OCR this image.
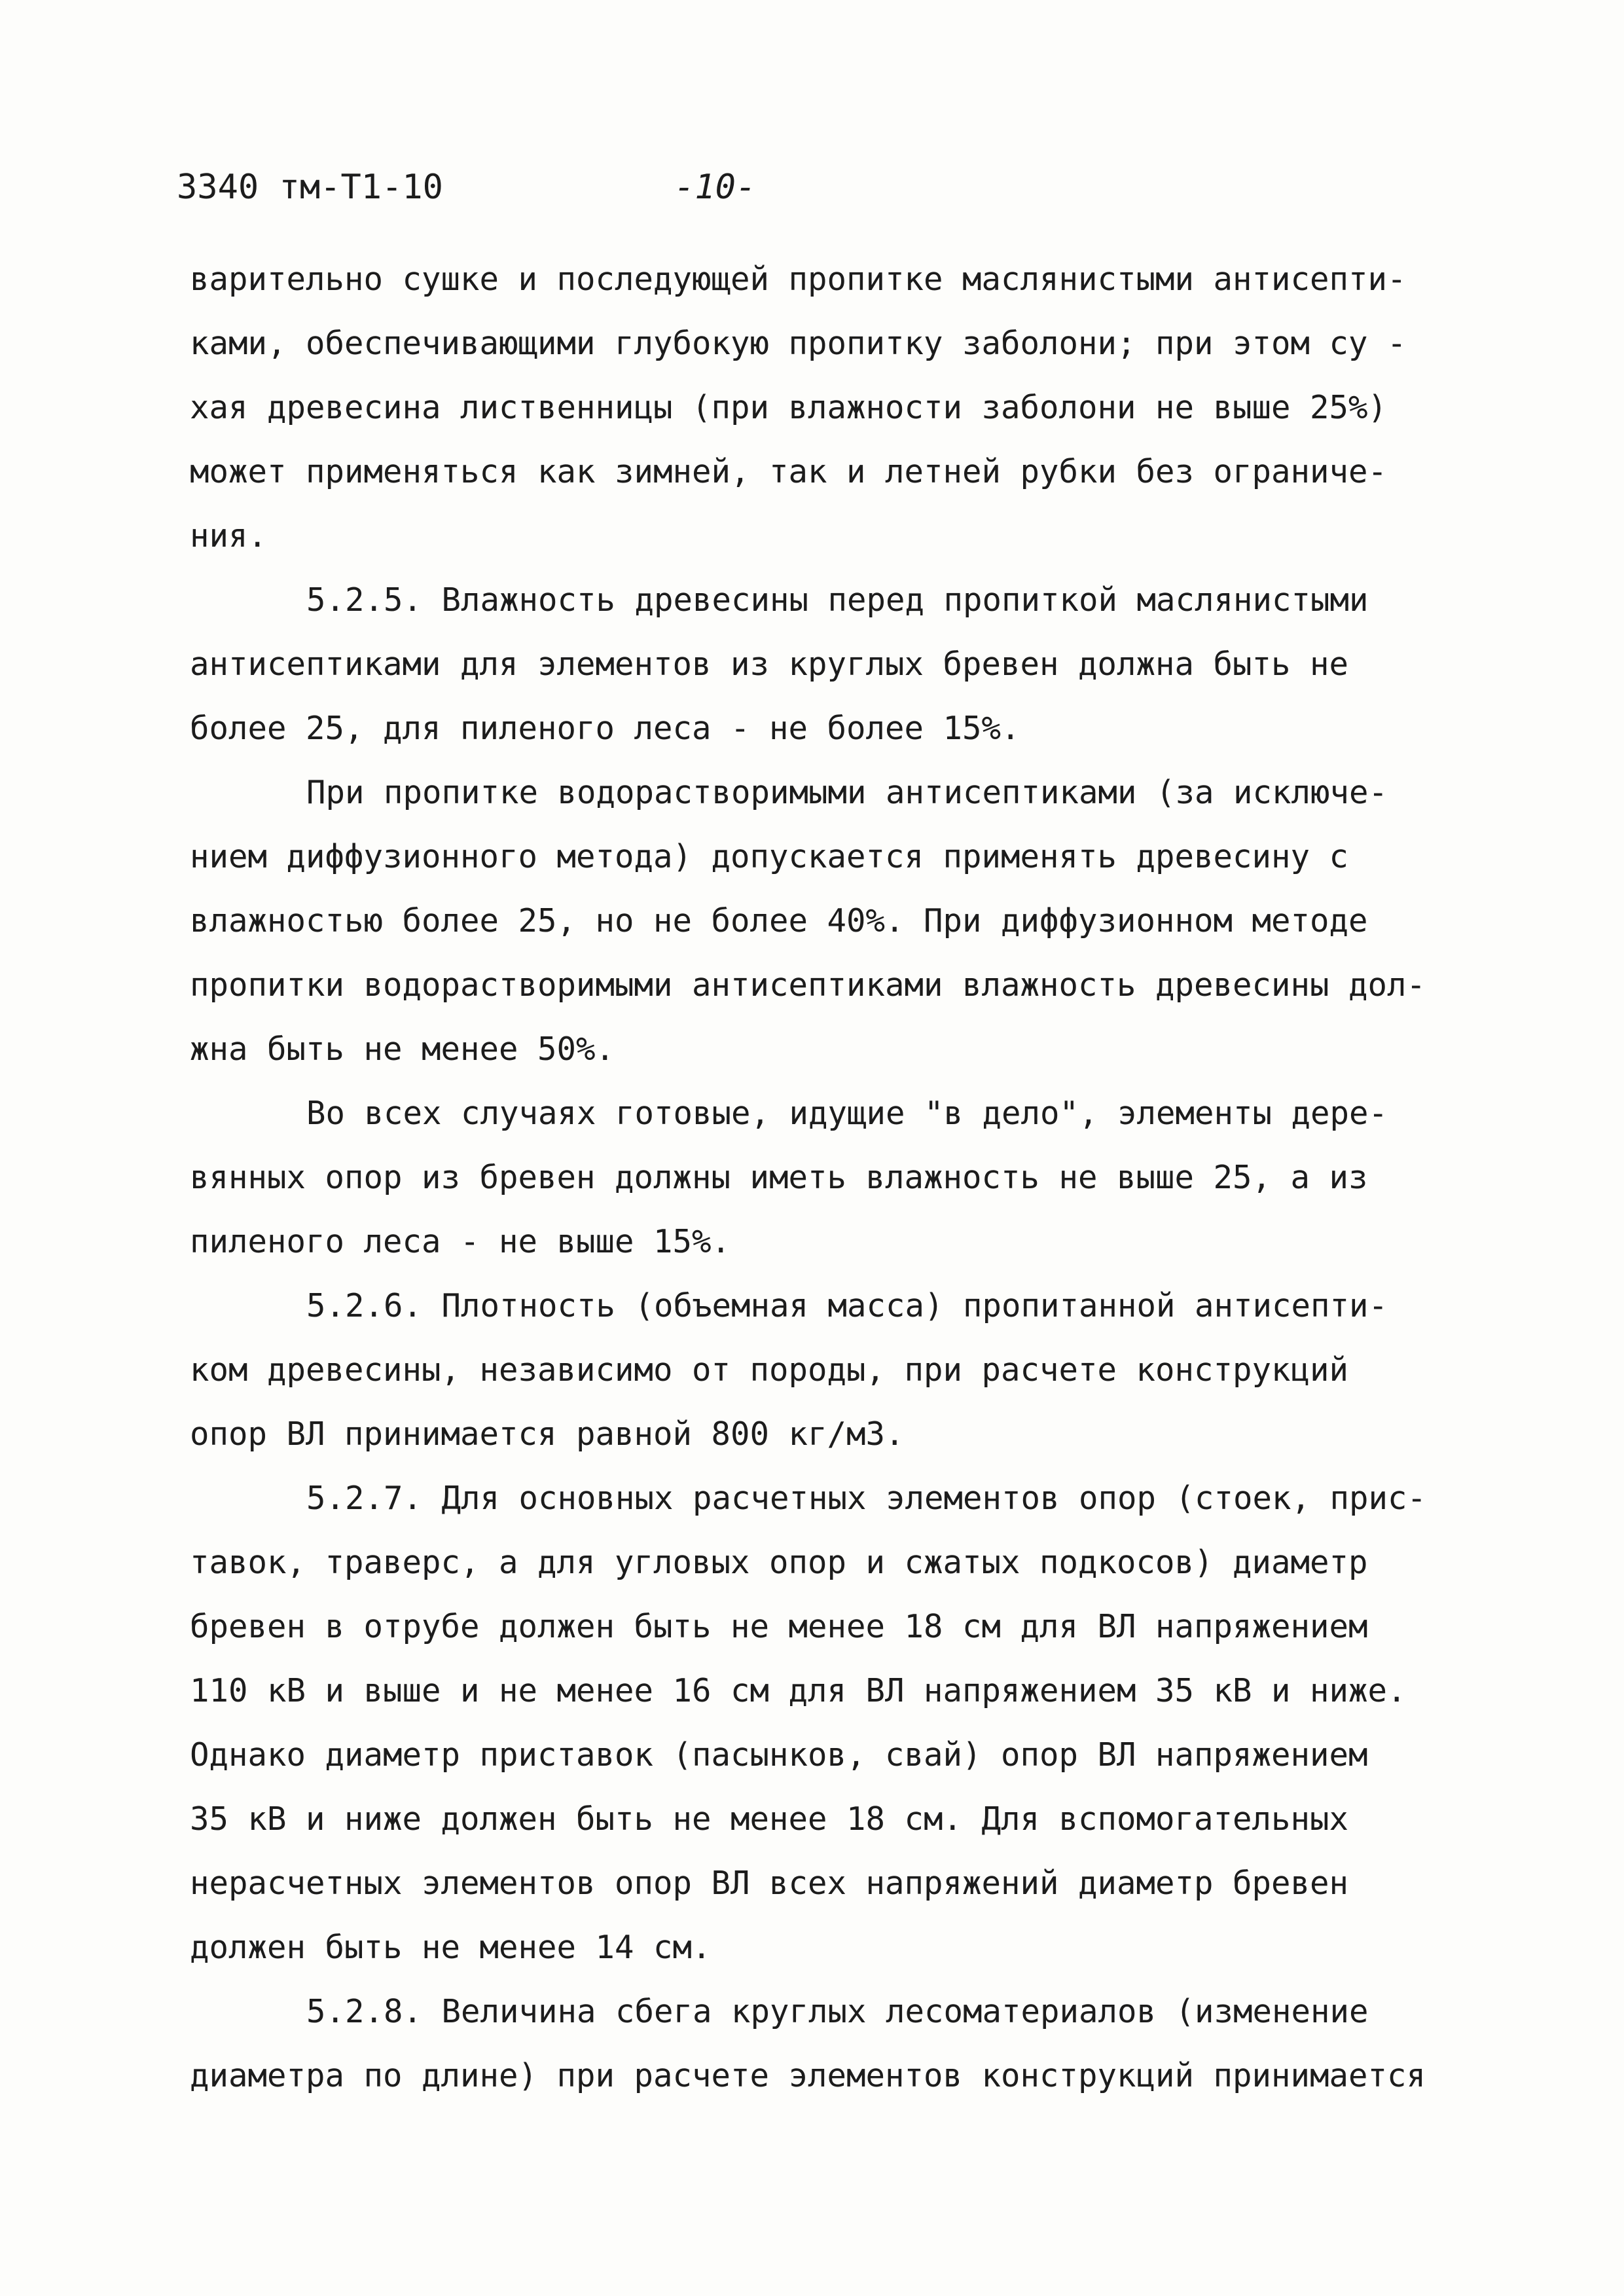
3340 тм-Т1-10	-10-
варительно сушке и последующей пропитке маслянистыми антисепти-
ками, обеспечивающими глубокую пропитку заболони; при этом су -
хая древесина лиственницы (при влажности заболони не выше 25%)
может применяться как зимней, так и летней рубки без ограниче-
ния.
5.2.5. Влажность древесины перед пропиткой маслянистыми
антисептиками для элементов из круглых бревен должна быть не
более 25, для пиленого леса - не более 15%.
При пропитке водорастворимыми антисептиками (за исключе-
нием диффузионного метода) допускается применять древесину с
влажностью более 25, но не более 40%. При диффузионном методе
пропитки водорастворимыми антисептиками влажность древесины дол-
жна быть не менее 50%.
Во всех случаях готовые, идущие "в дело", элементы дере-
вянных опор из бревен должны иметь влажность не выше 25, а из
пиленого леса - не выше 15%.
5.2.6. Плотность (объемная масса) пропитанной антисепти-
ком древесины, независимо от породы, при расчете конструкций
опор ВЛ принимается равной 800 кг/м3.
5.2.7. Для основных расчетных элементов опор (стоек, прис-
тавок, траверс, а для угловых опор и сжатых подкосов) диаметр
бревен в отрубе должен быть не менее 18 см для ВЛ напряжением
110 кВ и выше и не менее 16 см для ВЛ напряжением 35 кВ и ниже.
Однако диаметр приставок (пасынков, свай) опор ВЛ напряжением
35 кВ и ниже должен быть не менее 18 см. Для вспомогательных
нерасчетных элементов опор ВЛ всех напряжений диаметр бревен
должен быть не менее 14 см.
5.2.8. Величина сбега круглых лесоматериалов (изменение
диаметра по длине) при расчете элементов конструкций принимается
